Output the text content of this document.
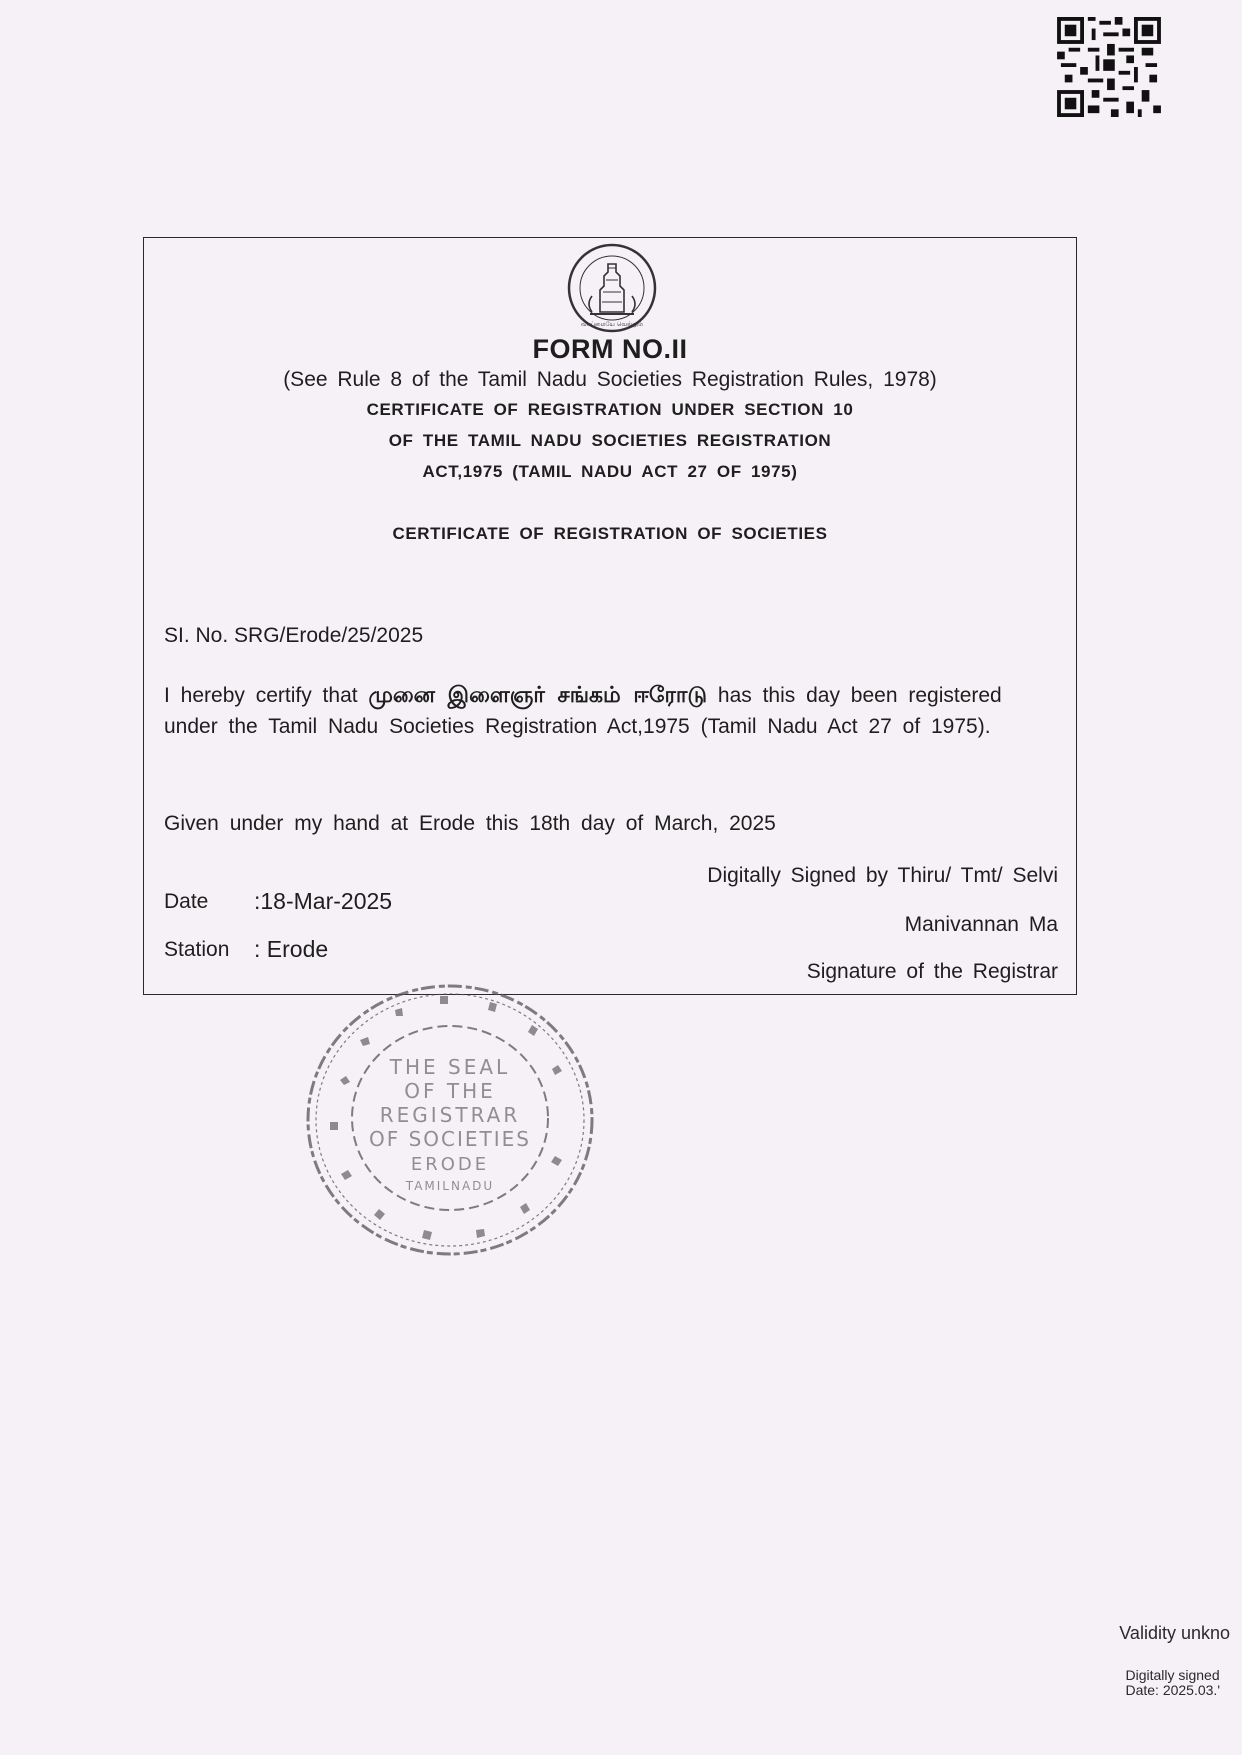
வாய்மையே வெல்லும்
FORM NO.II
(See Rule 8 of the Tamil Nadu Societies Registration Rules, 1978)
CERTIFICATE OF REGISTRATION UNDER SECTION 10
OF THE TAMIL NADU SOCIETIES REGISTRATION
ACT,1975 (TAMIL NADU ACT 27 OF 1975)
CERTIFICATE OF REGISTRATION OF SOCIETIES
SI. No. SRG/Erode/25/2025
I hereby certify that முனை இளைஞர் சங்கம் ஈரோடு has this day been registered under the Tamil Nadu Societies Registration Act,1975 (Tamil Nadu Act 27 of 1975).
Given under my hand at Erode this 18th day of March, 2025
Date :18-Mar-2025
Station : Erode
Digitally Signed by Thiru/ Tmt/ Selvi
Manivannan Ma
Signature of the Registrar
THE SEAL
OF THE
REGISTRAR
OF SOCIETIES
ERODE
TAMILNADU
Validity unkno
Digitally signed
Date: 2025.03.'
